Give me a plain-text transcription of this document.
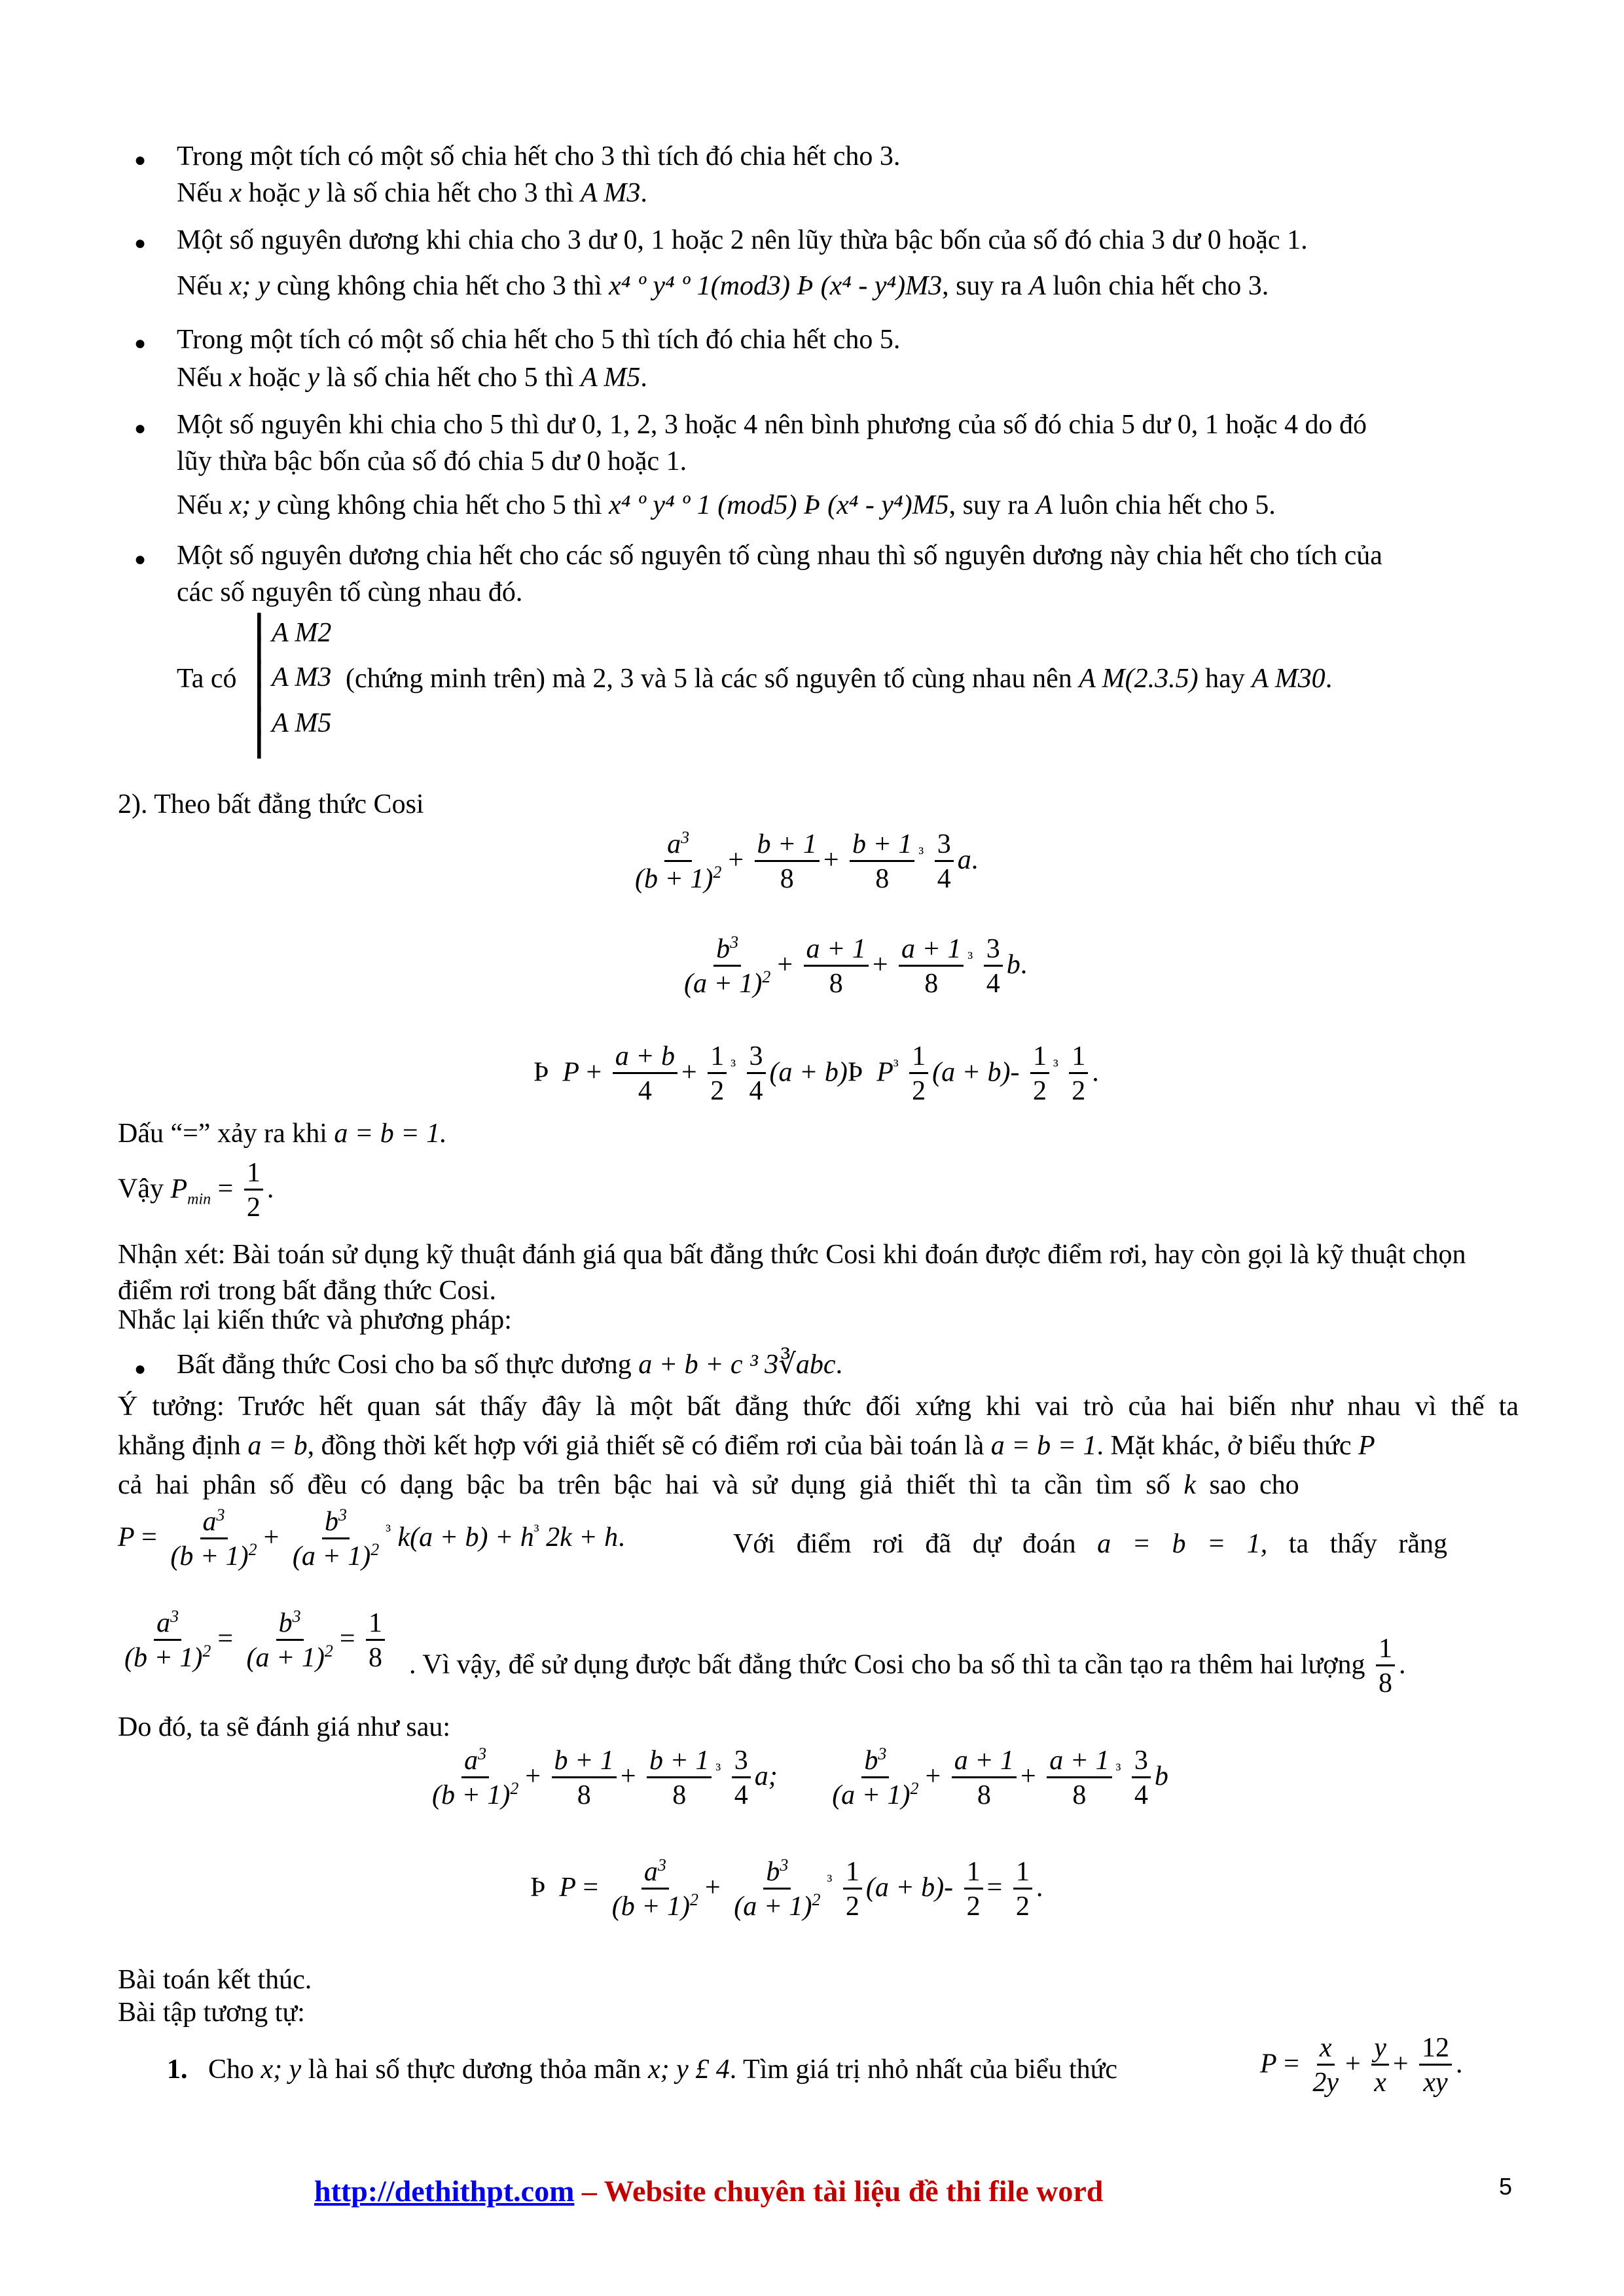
● Trong một tích có một số chia hết cho 3 thì tích đó chia hết cho 3.
Nếu x hoặc y là số chia hết cho 3 thì A M3.
● Một số nguyên dương khi chia cho 3 dư 0, 1 hoặc 2 nên lũy thừa bậc bốn của số đó chia 3 dư 0 hoặc 1.
Nếu x; y cùng không chia hết cho 3 thì x⁴ º y⁴ º 1(mod3) Þ (x⁴ - y⁴)M3, suy ra A luôn chia hết cho 3.
● Trong một tích có một số chia hết cho 5 thì tích đó chia hết cho 5.
Nếu x hoặc y là số chia hết cho 5 thì A M5.
● Một số nguyên khi chia cho 5 thì dư 0, 1, 2, 3 hoặc 4 nên bình phương của số đó chia 5 dư 0, 1 hoặc 4 do đó
lũy thừa bậc bốn của số đó chia 5 dư 0 hoặc 1.
Nếu x; y cùng không chia hết cho 5 thì x⁴ º y⁴ º 1 (mod5) Þ (x⁴ - y⁴)M5, suy ra A luôn chia hết cho 5.
● Một số nguyên dương chia hết cho các số nguyên tố cùng nhau thì số nguyên dương này chia hết cho tích của
các số nguyên tố cùng nhau đó.
┃
┃
┃
┃
┃
┃
A M2
A M3
A M5
Ta có	(chứng minh trên) mà 2, 3 và 5 là các số nguyên tố cùng nhau nên A M(2.3.5) hay A M30.
2). Theo bất đẳng thức Cosi
$\frac{a^3}{(b + 1)^2} + \frac{b + 1}{8} + \frac{b + 1}{8} ^{^3} \frac{3}{4} a$.
$\frac{b^3}{(a + 1)^2} + \frac{a + 1}{8} + \frac{a + 1}{8} ^{^3} \frac{3}{4} b$.
Þ  $P + \frac{a + b}{4} + \frac{1}{2} ^{^3} \frac{3}{4} (a$ + b)Þ  $P^{^3} \frac{1}{2} (a + b)- \frac{1}{2} ^{^3} \frac{1}{2}$ .
Dấu “=” xảy ra khi a = b = 1.
Vậy $P_{min} = \frac{1}{2}$ .
Nhận xét: Bài toán sử dụng kỹ thuật đánh giá qua bất đẳng thức Cosi khi đoán được điểm rơi, hay còn gọi là kỹ thuật chọn điểm rơi trong bất đẳng thức Cosi.
Nhắc lại kiến thức và phương pháp:
● Bất đẳng thức Cosi cho ba số thực dương a + b + c ³ 3∛abc.
Ý tưởng: Trước hết quan sát thấy đây là một bất đẳng thức đối xứng khi vai trò của hai biến như nhau vì thế ta
khẳng định a = b, đồng thời kết hợp với giả thiết sẽ có điểm rơi của bài toán là a = b = 1. Mặt khác, ở biểu thức P
cả hai phân số đều có dạng bậc ba trên bậc hai và sử dụng giả thiết thì ta cần tìm số k sao cho
$P = \frac{a^3}{(b + 1)^2} + \frac{b^3}{(a + 1)^2} ^{^3}$ $k(a + b) + h^{^3}$ 2k + h.	Với điểm rơi đã dự đoán a = b = 1, ta thấy rằng
$\frac{a^3}{(b + 1)^2} = \frac{b^3}{(a + 1)^2} = \frac{1}{8}$ . Vì vậy, để sử dụng được bất đẳng thức Cosi cho ba số thì ta cần tạo ra thêm hai lượng $\frac{1}{8}$ .
Do đó, ta sẽ đánh giá như sau:
$\frac{a^3}{(b + 1)^2} + \frac{b + 1}{8} + \frac{b + 1}{8} ^{^3} \frac{3}{4} a$; $\frac{b^3}{(a + 1)^2} + \frac{a + 1}{8} + \frac{a + 1}{8} ^{^3} \frac{3}{4}$ b
Þ  $P = \frac{a^3}{(b + 1)^2} + \frac{b^3}{(a + 1)^2} ^{^3} \frac{1}{2} (a + b)- \frac{1}{2} = \frac{1}{2}$ .
Bài toán kết thúc.
Bài tập tương tự:
1. Cho x; y là hai số thực dương thỏa mãn x; y £ 4. Tìm giá trị nhỏ nhất của biểu thức	$P = \frac{x}{2y} + \frac{y}{x} + \frac{12}{xy}$ .
http://dethithpt.com – Website chuyên tài liệu đề thi file word	5
